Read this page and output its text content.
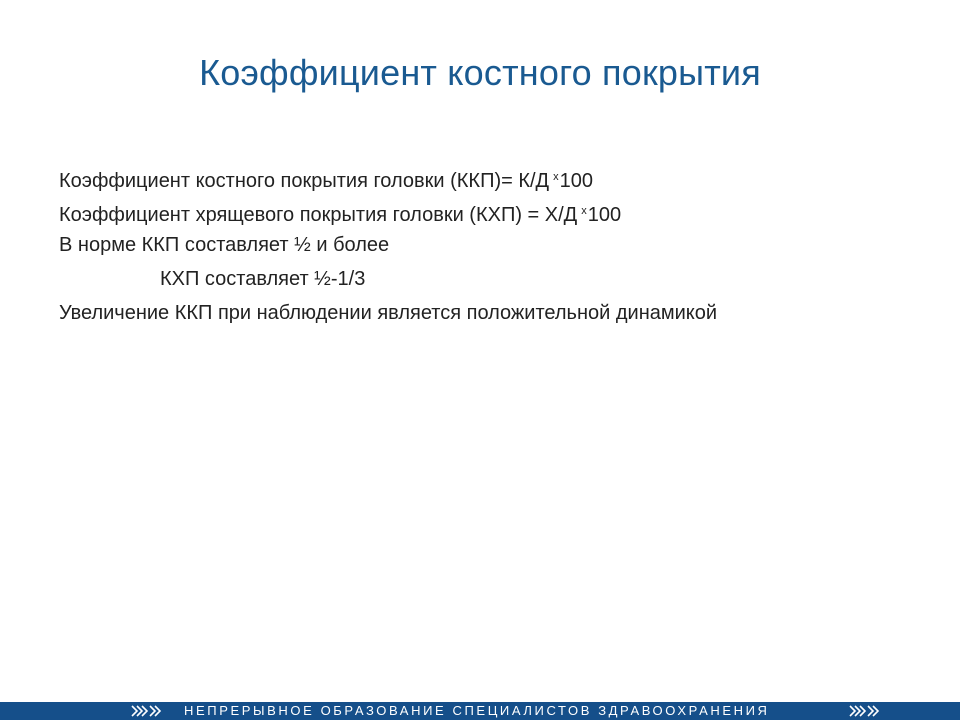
Коэффициент костного покрытия
Коэффициент костного покрытия головки (ККП)= К/Д $^х$100
Коэффициент хрящевого покрытия головки (КХП) = Х/Д $^х$100
В норме ККП составляет ½ и более
КХП составляет ½-1/3
Увеличение ККП при наблюдении является положительной динамикой
НЕПРЕРЫВНОЕ ОБРАЗОВАНИЕ СПЕЦИАЛИСТОВ ЗДРАВООХРАНЕНИЯ
